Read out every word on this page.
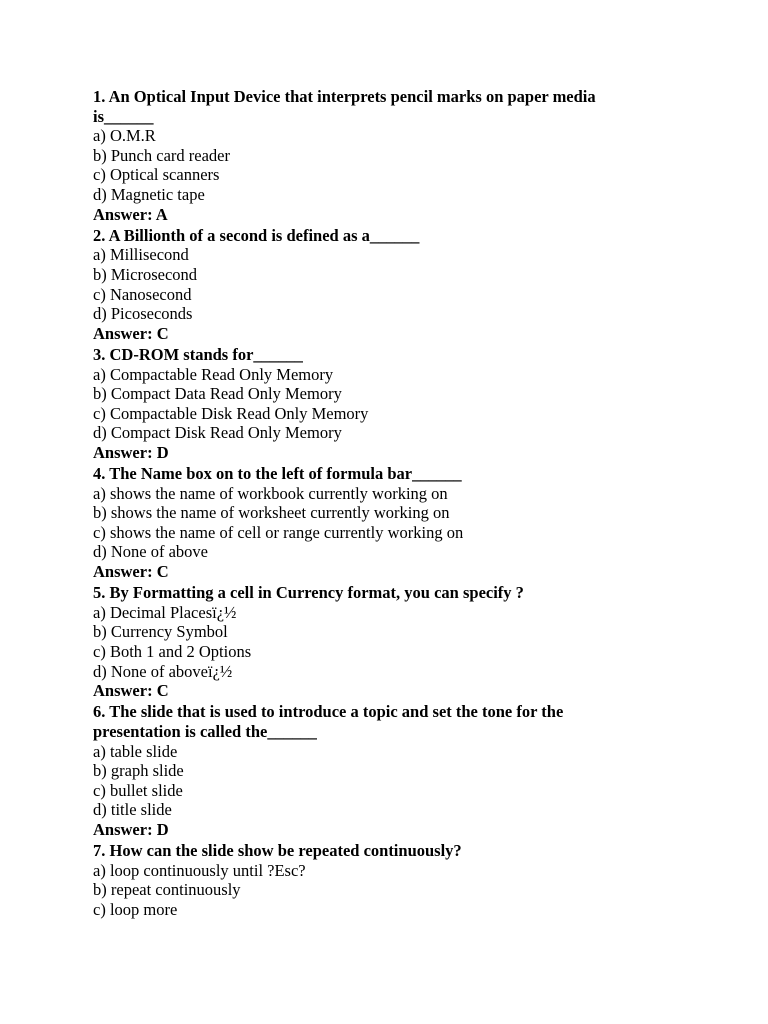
1. An Optical Input Device that interprets pencil marks on paper media is______
a) O.M.R
b) Punch card reader
c) Optical scanners
d) Magnetic tape
Answer: A
2. A Billionth of a second is defined as a______
a) Millisecond
b) Microsecond
c) Nanosecond
d) Picoseconds
Answer: C
3. CD-ROM stands for______
a) Compactable Read Only Memory
b) Compact Data Read Only Memory
c) Compactable Disk Read Only Memory
d) Compact Disk Read Only Memory
Answer: D
4. The Name box on to the left of formula bar______
a) shows the name of workbook currently working on
b) shows the name of worksheet currently working on
c) shows the name of cell or range currently working on
d) None of above
Answer: C
5. By Formatting a cell in Currency format, you can specify ?
a) Decimal Placesï¿½
b) Currency Symbol
c) Both 1 and 2 Options
d) None of aboveï¿½
Answer: C
6. The slide that is used to introduce a topic and set the tone for the presentation is called the______
a) table slide
b) graph slide
c) bullet slide
d) title slide
Answer: D
7. How can the slide show be repeated continuously?
a) loop continuously until ?Esc?
b) repeat continuously
c) loop more
